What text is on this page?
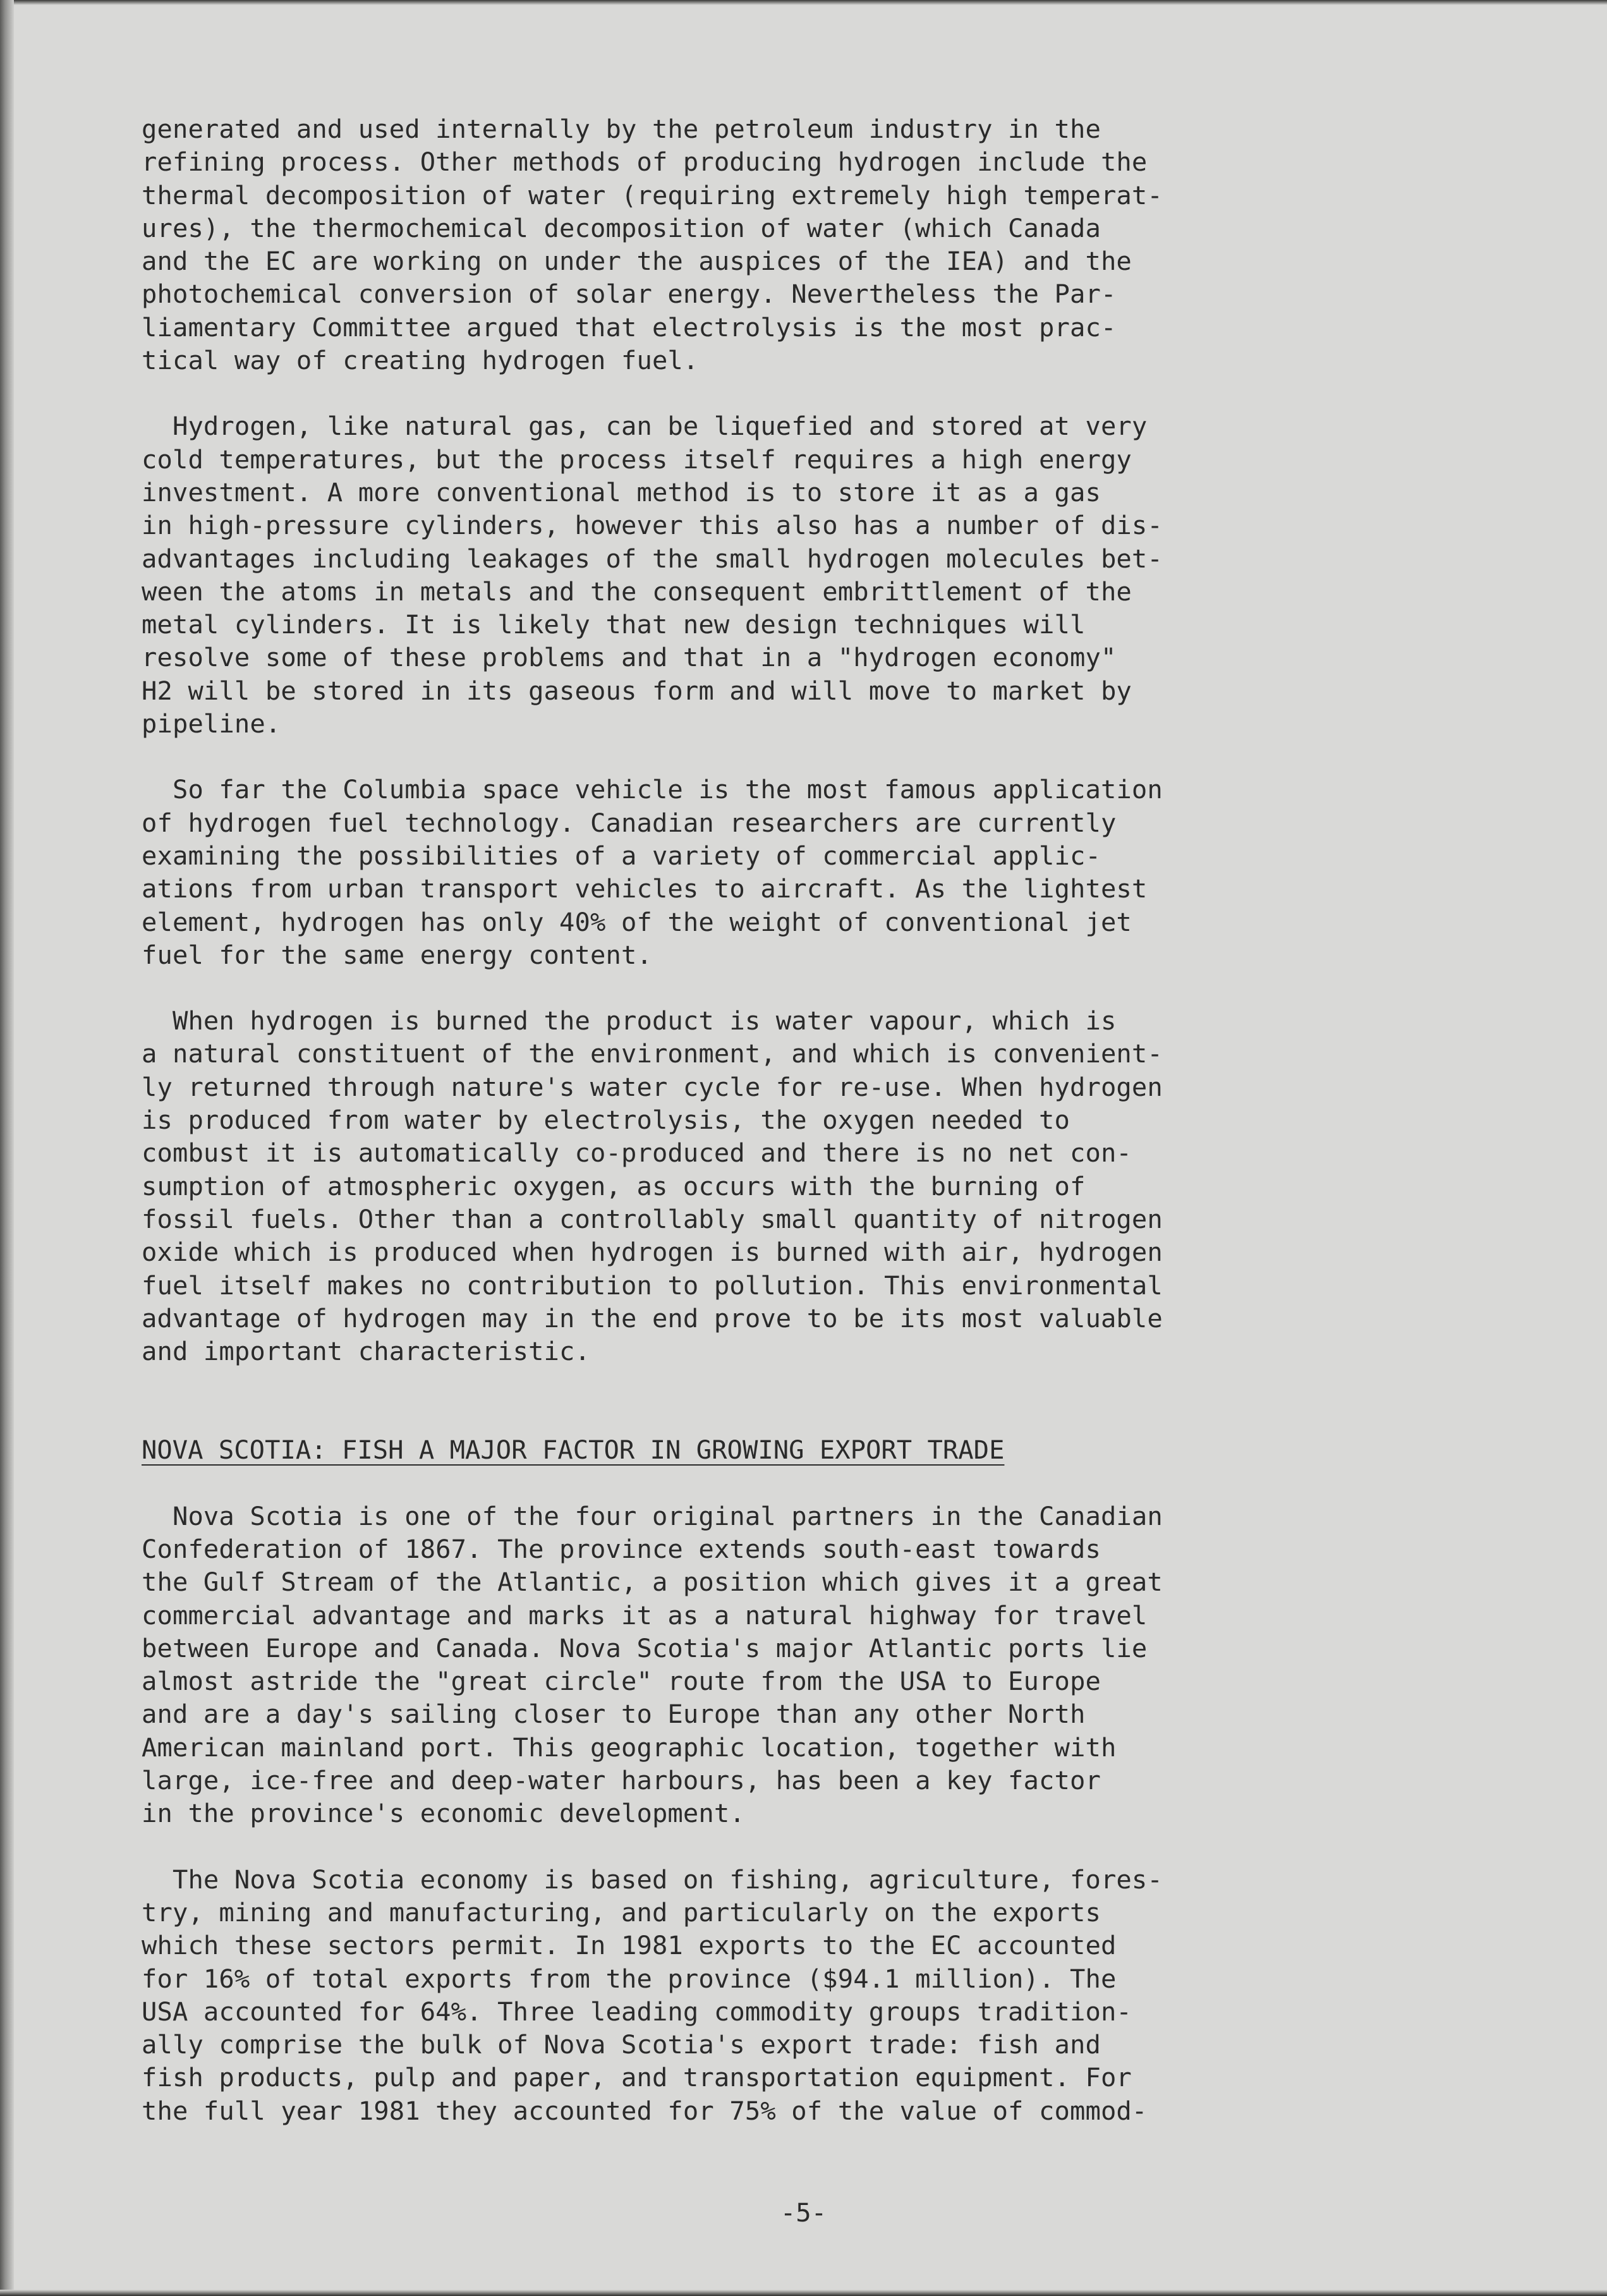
generated and used internally by the petroleum industry in the
refining process. Other methods of producing hydrogen include the
thermal decomposition of water (requiring extremely high temperat-
ures), the thermochemical decomposition of water (which Canada
and the EC are working on under the auspices of the IEA) and the
photochemical conversion of solar energy. Nevertheless the Par-
liamentary Committee argued that electrolysis is the most prac-
tical way of creating hydrogen fuel.

Hydrogen, like natural gas, can be liquefied and stored at very
cold temperatures, but the process itself requires a high energy
investment. A more conventional method is to store it as a gas
in high-pressure cylinders, however this also has a number of dis-
advantages including leakages of the small hydrogen molecules bet-
ween the atoms in metals and the consequent embrittlement of the
metal cylinders. It is likely that new design techniques will
resolve some of these problems and that in a "hydrogen economy"
H2 will be stored in its gaseous form and will move to market by
pipeline.

So far the Columbia space vehicle is the most famous application
of hydrogen fuel technology. Canadian researchers are currently
examining the possibilities of a variety of commercial applic-
ations from urban transport vehicles to aircraft. As the lightest
element, hydrogen has only 40% of the weight of conventional jet
fuel for the same energy content.

When hydrogen is burned the product is water vapour, which is
a natural constituent of the environment, and which is convenient-
ly returned through nature's water cycle for re-use. When hydrogen
is produced from water by electrolysis, the oxygen needed to
combust it is automatically co-produced and there is no net con-
sumption of atmospheric oxygen, as occurs with the burning of
fossil fuels. Other than a controllably small quantity of nitrogen
oxide which is produced when hydrogen is burned with air, hydrogen
fuel itself makes no contribution to pollution. This environmental
advantage of hydrogen may in the end prove to be its most valuable
and important characteristic.

NOVA SCOTIA: FISH A MAJOR FACTOR IN GROWING EXPORT TRADE

Nova Scotia is one of the four original partners in the Canadian
Confederation of 1867. The province extends south-east towards
the Gulf Stream of the Atlantic, a position which gives it a great
commercial advantage and marks it as a natural highway for travel
between Europe and Canada. Nova Scotia's major Atlantic ports lie
almost astride the "great circle" route from the USA to Europe
and are a day's sailing closer to Europe than any other North
American mainland port. This geographic location, together with
large, ice-free and deep-water harbours, has been a key factor
in the province's economic development.

The Nova Scotia economy is based on fishing, agriculture, fores-
try, mining and manufacturing, and particularly on the exports
which these sectors permit. In 1981 exports to the EC accounted
for 16% of total exports from the province ($94.1 million). The
USA accounted for 64%. Three leading commodity groups tradition-
ally comprise the bulk of Nova Scotia's export trade: fish and
fish products, pulp and paper, and transportation equipment. For
the full year 1981 they accounted for 75% of the value of commod-

-5-
